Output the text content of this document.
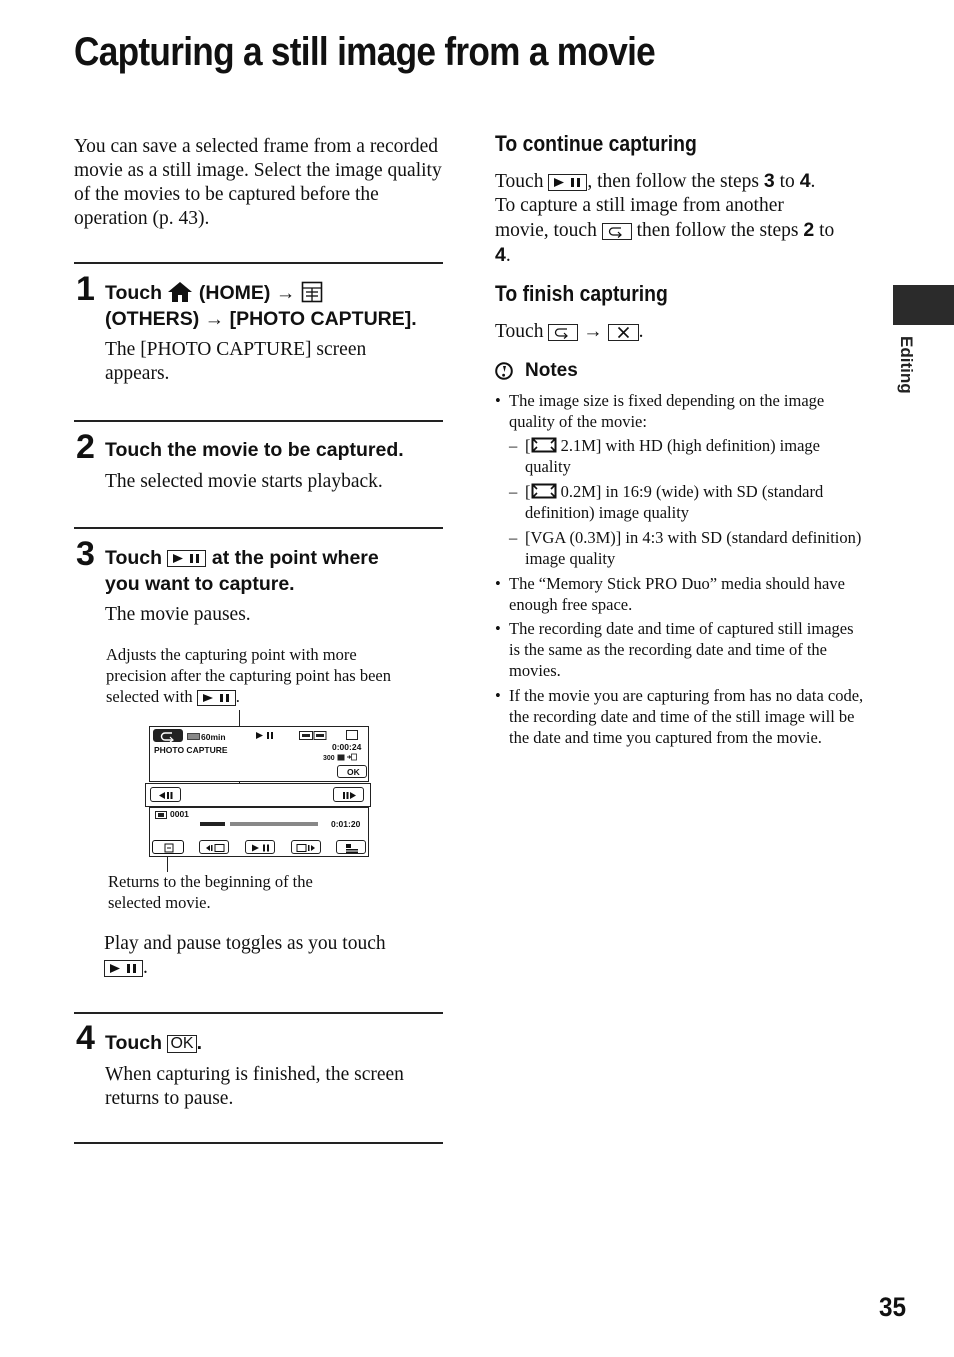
Capturing a still image from a movie
Editing
You can save a selected frame from a recorded movie as a still image. Select the image quality of the movies to be captured before the operation (p. 43).
1 Touch (HOME) →
(OTHERS) → [PHOTO CAPTURE].
The [PHOTO CAPTURE] screen appears.
2 Touch the movie to be captured.
The selected movie starts playback.
3 Touch	at the point where
you want to capture.
The movie pauses.
Adjusts the capturing point with more precision after the capturing point has been selected with	.
60min
PHOTO CAPTURE	0:00:24
300
OK
0001
0:01:20
Returns to the beginning of the selected movie.
Play and pause toggles as you touch

.
4 Touch OK .
When capturing is finished, the screen returns to pause.
To continue capturing
Touch , then follow the steps 3 to 4.
To capture a still image from another
movie, touch then follow the steps 2 to
4.
To finish capturing
Touch → .
Notes
• The image size is fixed depending on the image quality of the movie:
– [ 2.1M] with HD (high definition) image quality
– [ 0.2M] in 16:9 (wide) with SD (standard definition) image quality
– [VGA (0.3M)] in 4:3 with SD (standard definition) image quality
• The “Memory Stick PRO Duo” media should have enough free space.
• The recording date and time of captured still images is the same as the recording date and time of the movies.
• If the movie you are capturing from has no data code, the recording date and time of the still image will be the date and time you captured from the movie.
35
